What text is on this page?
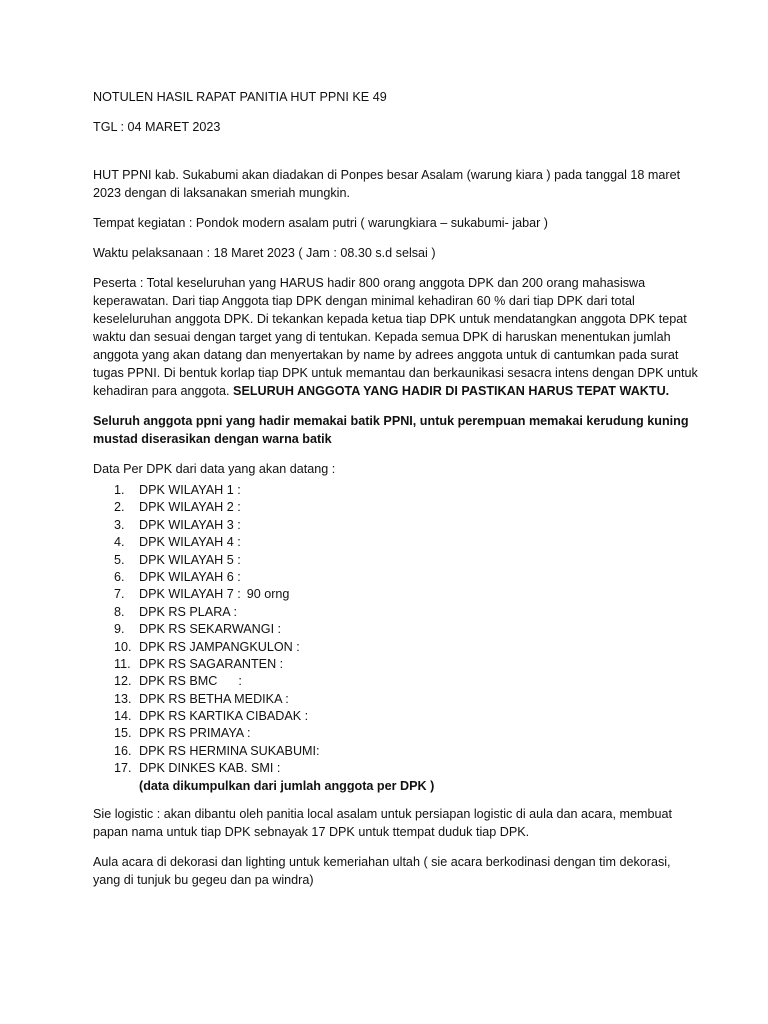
NOTULEN HASIL RAPAT PANITIA HUT PPNI KE 49

TGL : 04 MARET 2023

HUT PPNI kab. Sukabumi akan diadakan di Ponpes besar Asalam (warung kiara ) pada tanggal 18 maret 2023 dengan di laksanakan smeriah mungkin.

Tempat kegiatan : Pondok modern asalam putri ( warungkiara – sukabumi- jabar )

Waktu pelaksanaan : 18 Maret 2023 ( Jam : 08.30 s.d selsai )

Peserta : Total keseluruhan yang HARUS hadir 800 orang anggota DPK dan 200 orang mahasiswa keperawatan. Dari tiap Anggota tiap DPK dengan minimal kehadiran 60 % dari tiap DPK dari total keseleluruhan anggota DPK. Di tekankan kepada ketua tiap DPK untuk mendatangkan anggota DPK tepat waktu dan sesuai dengan target yang di tentukan. Kepada semua DPK di haruskan menentukan jumlah anggota yang akan datang dan menyertakan by name by adrees anggota untuk di cantumkan pada surat tugas PPNI. Di bentuk korlap tiap DPK untuk memantau dan berkaunikasi sesacra intens dengan DPK untuk kehadiran para anggota. SELURUH ANGGOTA YANG HADIR DI PASTIKAN HARUS TEPAT WAKTU.

Seluruh anggota ppni yang hadir memakai batik PPNI, untuk perempuan memakai kerudung kuning mustad diserasikan dengan warna batik

Data Per DPK dari data yang akan datang :

1. DPK WILAYAH 1 :
2. DPK WILAYAH 2 :
3. DPK WILAYAH 3 :
4. DPK WILAYAH 4 :
5. DPK WILAYAH 5 :
6. DPK WILAYAH 6 :
7. DPK WILAYAH 7 : 90 orng
8. DPK RS PLARA :
9. DPK RS SEKARWANGI :
10. DPK RS JAMPANGKULON :
11. DPK RS SAGARANTEN :
12. DPK RS BMC      :
13. DPK RS BETHA MEDIKA :
14. DPK RS KARTIKA CIBADAK :
15. DPK RS PRIMAYA :
16. DPK RS HERMINA SUKABUMI:
17. DPK DINKES KAB. SMI :

(data dikumpulkan dari jumlah anggota per DPK )

Sie logistic : akan dibantu oleh panitia local asalam untuk persiapan logistic di aula dan acara, membuat papan nama untuk tiap DPK sebnayak 17 DPK untuk ttempat duduk tiap DPK.

Aula acara di dekorasi dan lighting untuk kemeriahan ultah ( sie acara berkodinasi dengan tim dekorasi, yang di tunjuk bu gegeu dan pa windra)
